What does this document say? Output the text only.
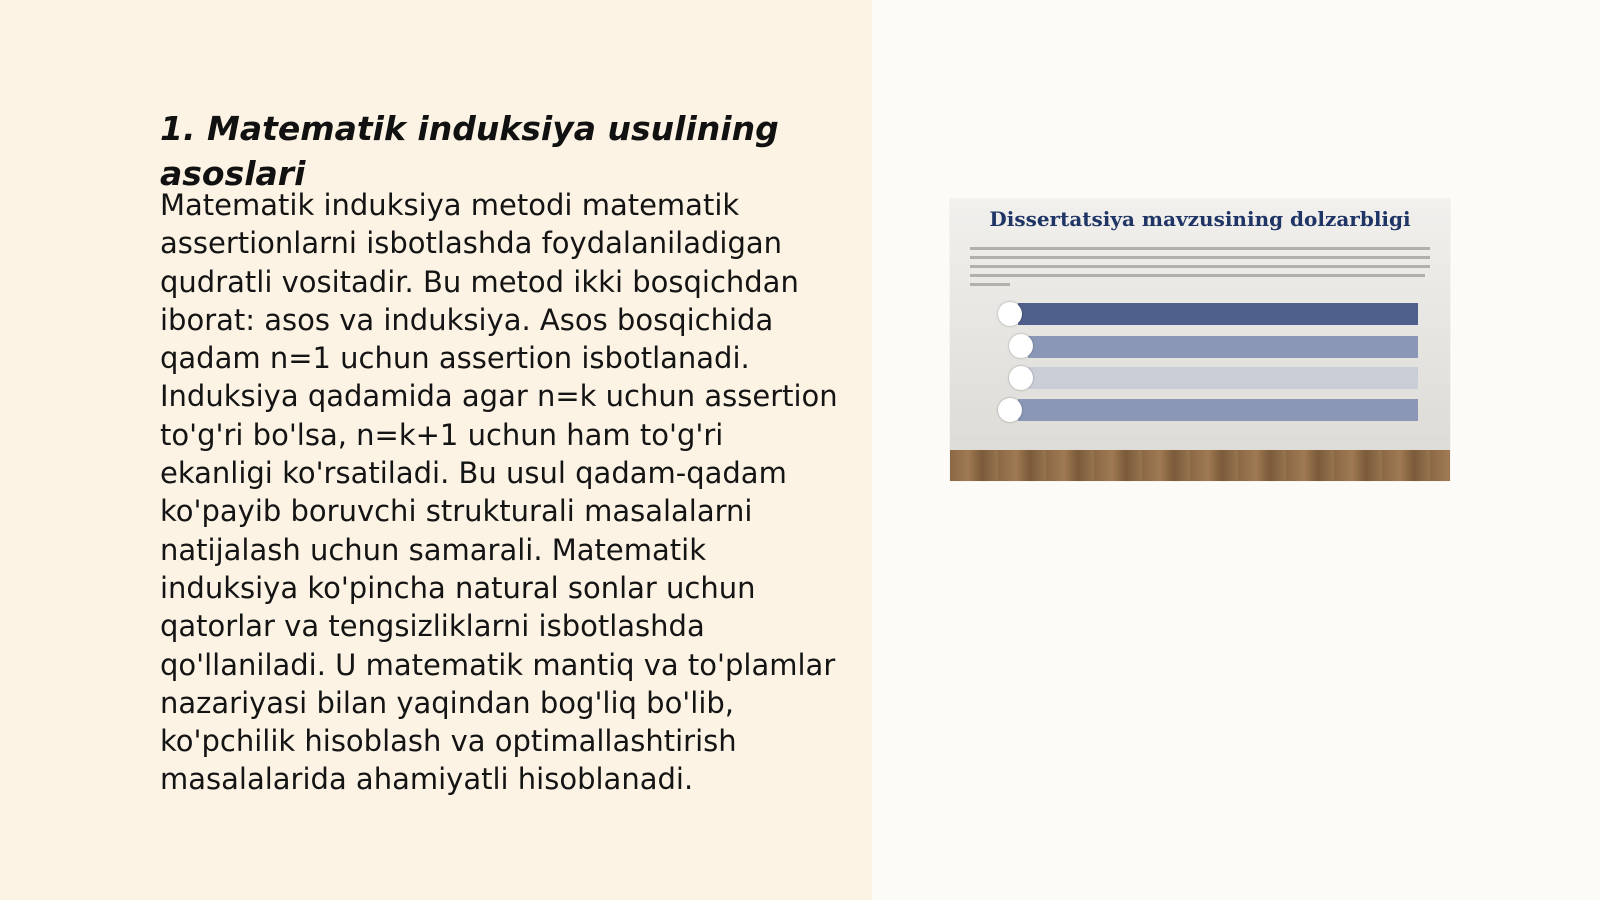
1. Matematik induksiya usulining asoslari

Matematik induksiya metodi matematik assertionlarni isbotlashda foydalaniladigan qudratli vositadir. Bu metod ikki bosqichdan iborat: asos va induksiya. Asos bosqichida qadam n=1 uchun assertion isbotlanadi. Induksiya qadamida agar n=k uchun assertion to'g'ri bo'lsa, n=k+1 uchun ham to'g'ri ekanligi ko'rsatiladi. Bu usul qadam-qadam ko'payib boruvchi strukturali masalalarni natijalash uchun samarali. Matematik induksiya ko'pincha natural sonlar uchun qatorlar va tengsizliklarni isbotlashda qo'llaniladi. U matematik mantiq va to'plamlar nazariyasi bilan yaqindan bog'liq bo'lib, ko'pchilik hisoblash va optimallashtirish masalalarida ahamiyatli hisoblanadi.

Dissertatsiya mavzusining dolzarbligi
